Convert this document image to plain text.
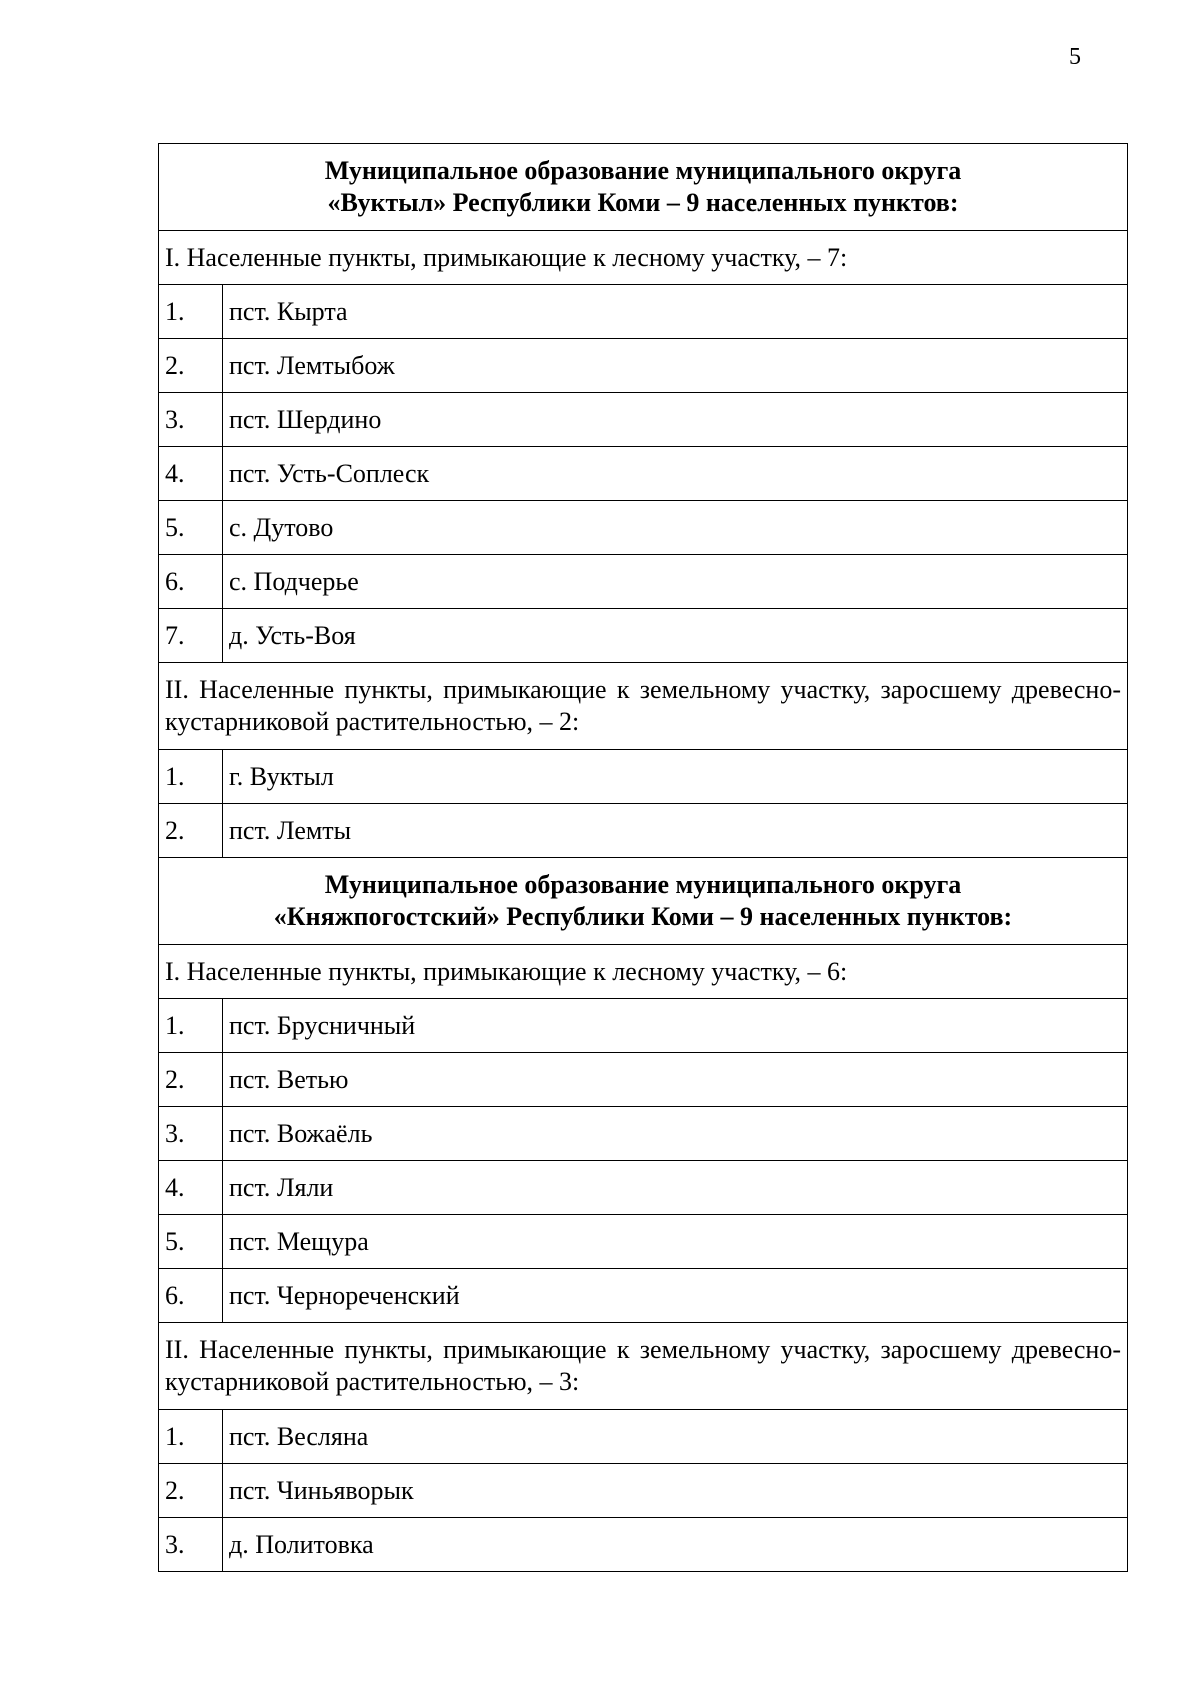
5
Муниципальное образование муниципального округа
«Вуктыл» Республики Коми – 9 населенных пунктов:	

I. Населенные пункты, примыкающие к лесному участку, – 7:	
1.	пст. Кырта
2.	пст. Лемтыбож
3.	пст. Шердино
4.	пст. Усть-Соплеск
5.	с. Дутово
6.	с. Подчерье
7.	д. Усть-Воя
II. Населенные пункты, примыкающие к земельному участку, заросшему древесно-кустарниковой растительностью, – 2:	
1.	г. Вуктыл
2.	пст. Лемты

Муниципальное образование муниципального округа
«Княжпогостский» Республики Коми – 9 населенных пунктов:	

I. Населенные пункты, примыкающие к лесному участку, – 6:	
1.	пст. Брусничный
2.	пст. Ветью
3.	пст. Вожаёль
4.	пст. Ляли
5.	пст. Мещура
6.	пст. Чернореченский
II. Населенные пункты, примыкающие к земельному участку, заросшему древесно-кустарниковой растительностью, – 3:	
1.	пст. Весляна
2.	пст. Чиньяворык
3.	д. Политовка
